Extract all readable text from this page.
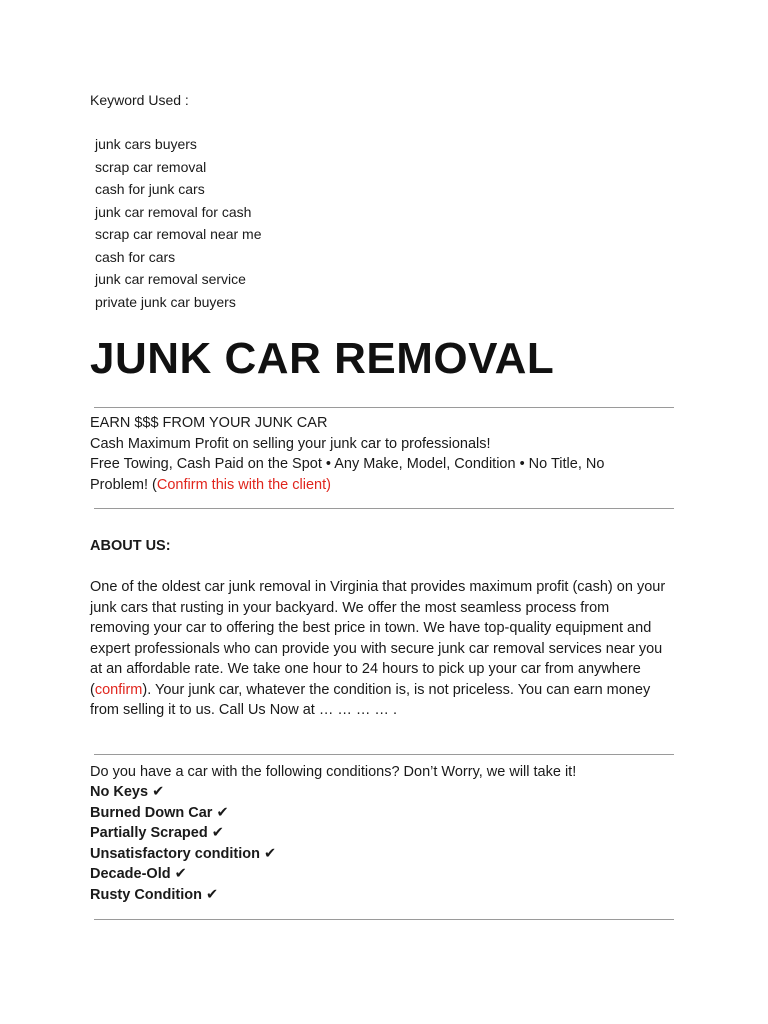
Keyword Used :
junk cars buyers
scrap car removal
cash for junk cars
junk car removal for cash
scrap car removal near me
cash for cars
junk car removal service
private junk car buyers
JUNK CAR REMOVAL
EARN $$$ FROM YOUR JUNK CAR
Cash Maximum Profit on selling your junk car to professionals!
Free Towing, Cash Paid on the Spot • Any Make, Model, Condition • No Title, No Problem! (Confirm this with the client)
ABOUT US:
One of the oldest car junk removal in Virginia that provides maximum profit (cash) on your junk cars that rusting in your backyard. We offer the most seamless process from removing your car to offering the best price in town. We have top-quality equipment and expert professionals who can provide you with secure junk car removal services near you at an affordable rate. We take one hour to 24 hours to pick up your car from anywhere (confirm). Your junk car, whatever the condition is, is not priceless. You can earn money from selling it to us. Call Us Now at … … … … .
Do you have a car with the following conditions? Don’t Worry, we will take it!
No Keys ✔
Burned Down Car ✔
Partially Scraped ✔
Unsatisfactory condition ✔
Decade-Old ✔
Rusty Condition ✔
